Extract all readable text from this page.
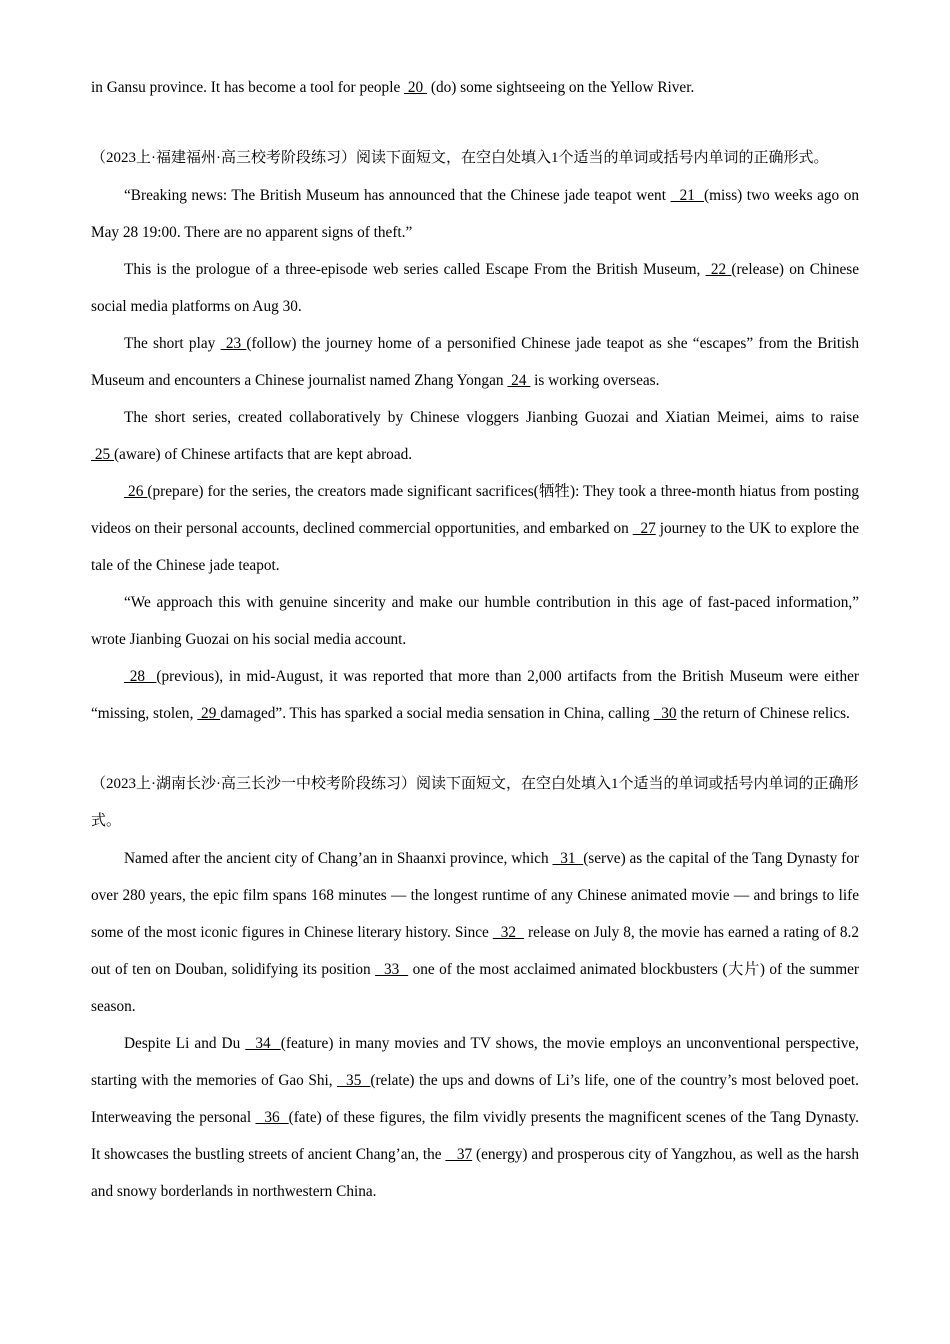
in Gansu province. It has become a tool for people  20  (do) some sightseeing on the Yellow River.

（2023上·福建福州·高三校考阶段练习）阅读下面短文，在空白处填入1个适当的单词或括号内单词的正确形式。

“Breaking news: The British Museum has announced that the Chinese jade teapot went   21  (miss) two weeks ago on May 28 19:00. There are no apparent signs of theft.”

This is the prologue of a three-episode web series called Escape From the British Museum,  22 (release) on Chinese social media platforms on Aug 30.

The short play  23 (follow) the journey home of a personified Chinese jade teapot as she “escapes” from the British Museum and encounters a Chinese journalist named Zhang Yongan  24  is working overseas.

The short series, created collaboratively by Chinese vloggers Jianbing Guozai and Xiatian Meimei, aims to raise  25 (aware) of Chinese artifacts that are kept abroad.

26 (prepare) for the series, the creators made significant sacrifices(牺牲): They took a three-month hiatus from posting videos on their personal accounts, declined commercial opportunities, and embarked on   27 journey to the UK to explore the tale of the Chinese jade teapot.

“We approach this with genuine sincerity and make our humble contribution in this age of fast-paced information,” wrote Jianbing Guozai on his social media account.

28  (previous), in mid-August, it was reported that more than 2,000 artifacts from the British Museum were either “missing, stolen,  29 damaged”. This has sparked a social media sensation in China, calling   30 the return of Chinese relics.

（2023上·湖南长沙·高三长沙一中校考阶段练习）阅读下面短文，在空白处填入1个适当的单词或括号内单词的正确形式。

Named after the ancient city of Chang’an in Shaanxi province, which   31  (serve) as the capital of the Tang Dynasty for over 280 years, the epic film spans 168 minutes — the longest runtime of any Chinese animated movie — and brings to life some of the most iconic figures in Chinese literary history. Since   32   release on July 8, the movie has earned a rating of 8.2 out of ten on Douban, solidifying its position   33   one of the most acclaimed animated blockbusters (大片) of the summer season.

Despite Li and Du   34  (feature) in many movies and TV shows, the movie employs an unconventional perspective, starting with the memories of Gao Shi,   35  (relate) the ups and downs of Li’s life, one of the country’s most beloved poet. Interweaving the personal   36  (fate) of these figures, the film vividly presents the magnificent scenes of the Tang Dynasty. It showcases the bustling streets of ancient Chang’an, the    37 (energy) and prosperous city of Yangzhou, as well as the harsh and snowy borderlands in northwestern China.
